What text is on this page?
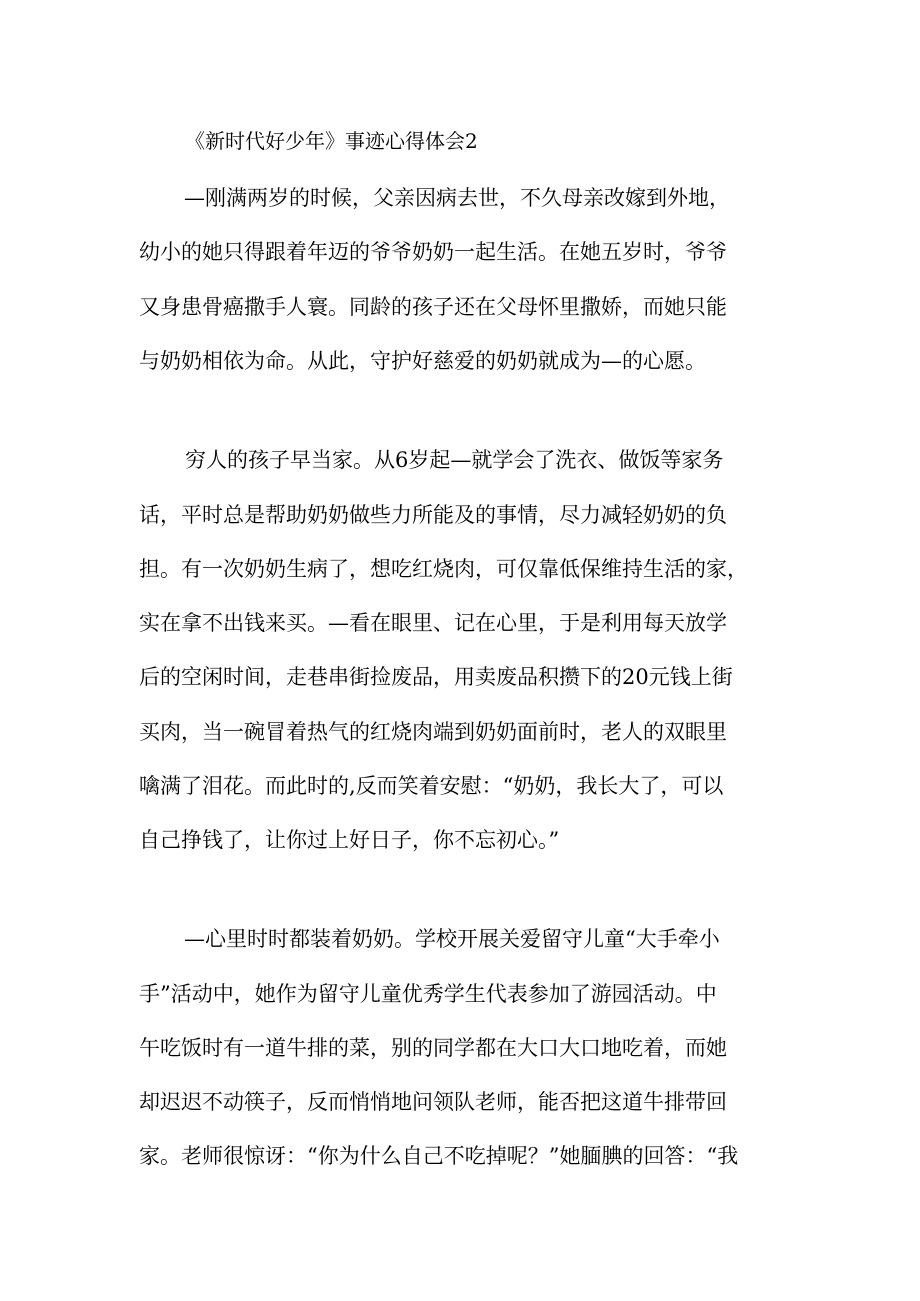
《新时代好少年》事迹心得体会2
—刚满两岁的时候，父亲因病去世，不久母亲改嫁到外地，
幼小的她只得跟着年迈的爷爷奶奶一起生活。在她五岁时，爷爷
又身患骨癌撒手人寰。同龄的孩子还在父母怀里撒娇，而她只能
与奶奶相依为命。从此，守护好慈爱的奶奶就成为—的心愿。
穷人的孩子早当家。从6岁起—就学会了洗衣、做饭等家务
话，平时总是帮助奶奶做些力所能及的事情，尽力减轻奶奶的负
担。有一次奶奶生病了，想吃红烧肉，可仅靠低保维持生活的家，
实在拿不出钱来买。—看在眼里、记在心里，于是利用每天放学
后的空闲时间，走巷串街捡废品，用卖废品积攒下的20元钱上街
买肉，当一碗冒着热气的红烧肉端到奶奶面前时，老人的双眼里
噙满了泪花。而此时的,反而笑着安慰：“奶奶，我长大了，可以
自己挣钱了，让你过上好日子，你不忘初心。”
—心里时时都装着奶奶。学校开展关爱留守儿童“大手牵小
手”活动中，她作为留守儿童优秀学生代表参加了游园活动。中
午吃饭时有一道牛排的菜，别的同学都在大口大口地吃着，而她
却迟迟不动筷子，反而悄悄地问领队老师，能否把这道牛排带回
家。老师很惊讶：“你为什么自己不吃掉呢？”她腼腆的回答：“我
